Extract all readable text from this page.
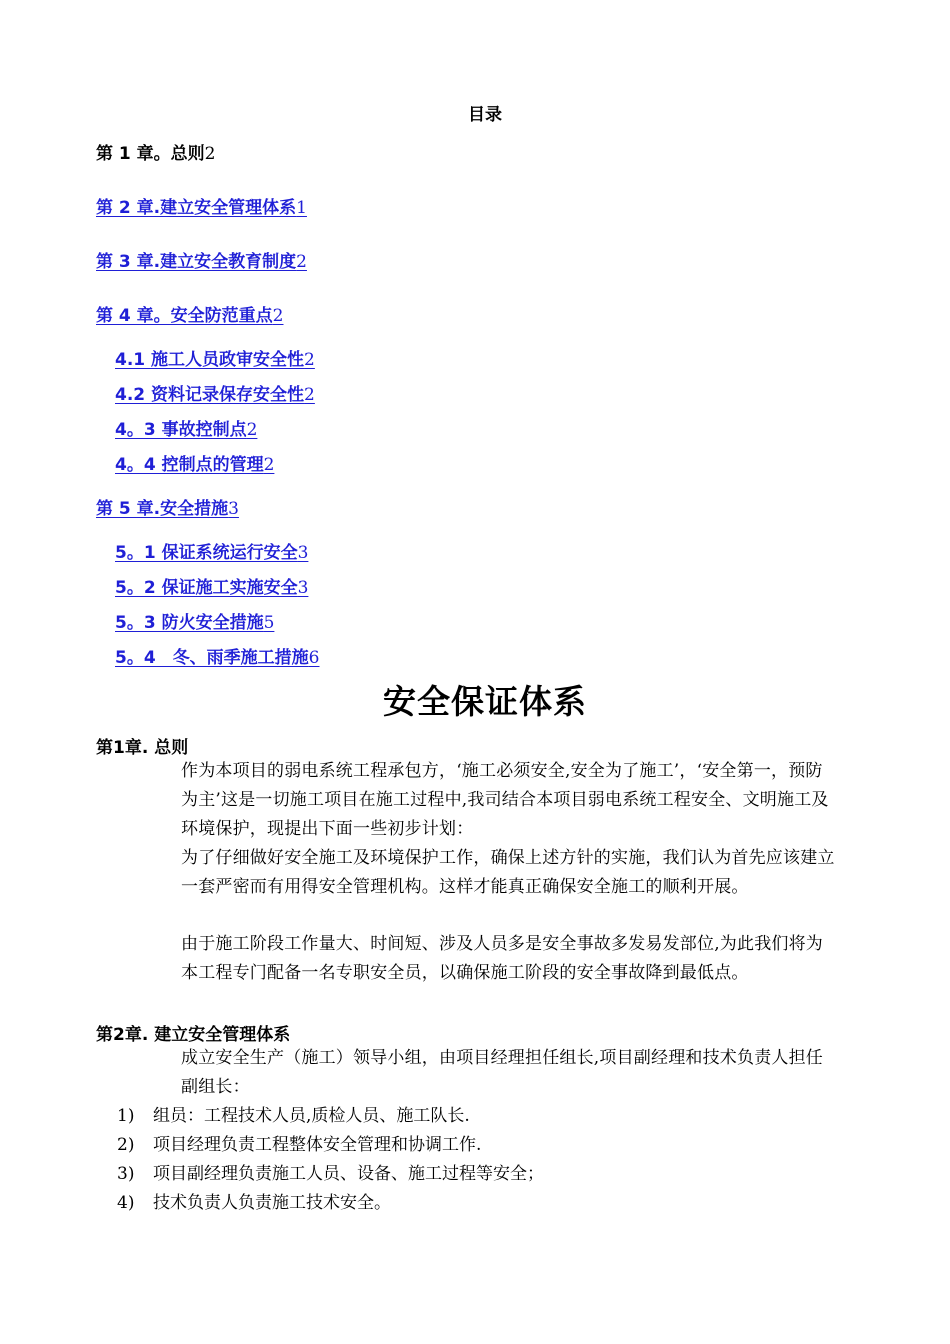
目录
第 1 章。总则2
第 2 章.建立安全管理体系1
第 3 章.建立安全教育制度2
第 4 章。安全防范重点2
4.1 施工人员政审安全性2
4.2 资料记录保存安全性2
4。3 事故控制点2
4。4 控制点的管理2
第 5 章.安全措施3
5。1 保证系统运行安全3
5。2 保证施工实施安全3
5。3 防火安全措施5
5。4　冬、雨季施工措施6
安全保证体系
第1章. 总则

作为本项目的弱电系统工程承包方，‘施工必须安全,安全为了施工’，‘安全第一，预防为主’这是一切施工项目在施工过程中,我司结合本项目弱电系统工程安全、文明施工及环境保护，现提出下面一些初步计划：

为了仔细做好安全施工及环境保护工作，确保上述方针的实施，我们认为首先应该建立一套严密而有用得安全管理机构。这样才能真正确保安全施工的顺利开展。

由于施工阶段工作量大、时间短、涉及人员多是安全事故多发易发部位,为此我们将为本工程专门配备一名专职安全员，以确保施工阶段的安全事故降到最低点。

第2章. 建立安全管理体系

成立安全生产（施工）领导小组，由项目经理担任组长,项目副经理和技术负责人担任副组长：

1) 组员：工程技术人员,质检人员、施工队长.
2) 项目经理负责工程整体安全管理和协调工作.
3) 项目副经理负责施工人员、设备、施工过程等安全；
4) 技术负责人负责施工技术安全。
